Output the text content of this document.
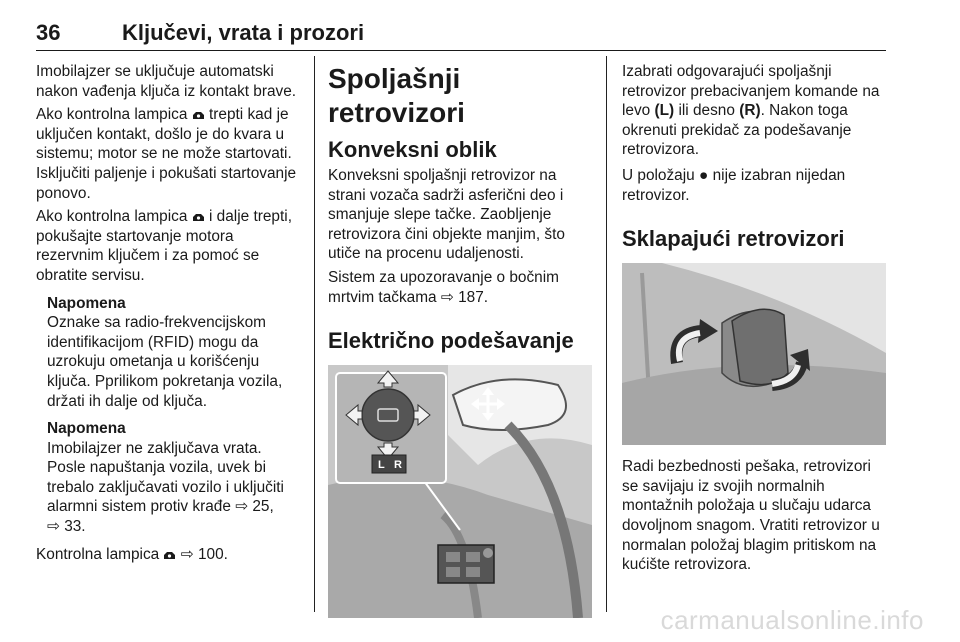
36	Ključevi, vrata i prozori

Imobilajzer se uključuje automatski nakon vađenja ključa iz kontakt brave.

Ako kontrolna lampica trepti kad je uključen kontakt, došlo je do kvara u sistemu; motor se ne može startovati. Isključiti paljenje i pokušati startovanje ponovo.

Ako kontrolna lampica i dalje trepti, pokušajte startovanje motora rezervnim ključem i za pomoć se obratite servisu.

Napomena

Oznake sa radio-frekvencijskom identifikacijom (RFID) mogu da uzrokuju ometanja u korišćenju ključa. Pprilikom pokretanja vozila, držati ih dalje od ključa.

Napomena

Imobilajzer ne zaključava vrata. Posle napuštanja vozila, uvek bi trebalo zaključavati vozilo i uključiti alarmni sistem protiv krađe ⇨ 25,
⇨ 33.

Kontrolna lampica ⇨ 100.

Spoljašnji retrovizori
Konveksni oblik

Konveksni spoljašnji retrovizor na strani vozača sadrži asferični deo i smanjuje slepe tačke. Zaobljenje retrovizora čini objekte manjim, što utiče na procenu udaljenosti.

Sistem za upozoravanje o bočnim mrtvim tačkama ⇨ 187.

Električno podešavanje
L R

Izabrati odgovarajući spoljašnji retrovizor prebacivanjem komande na levo (L) ili desno (R). Nakon toga okrenuti prekidač za podešavanje retrovizora.

U položaju ● nije izabran nijedan retrovizor.

Sklapajući retrovizori

Radi bezbednosti pešaka, retrovizori se savijaju iz svojih normalnih montažnih položaja u slučaju udarca dovoljnom snagom. Vratiti retrovizor u normalan položaj blagim pritiskom na kućište retrovizora.

carmanualsonline.info
